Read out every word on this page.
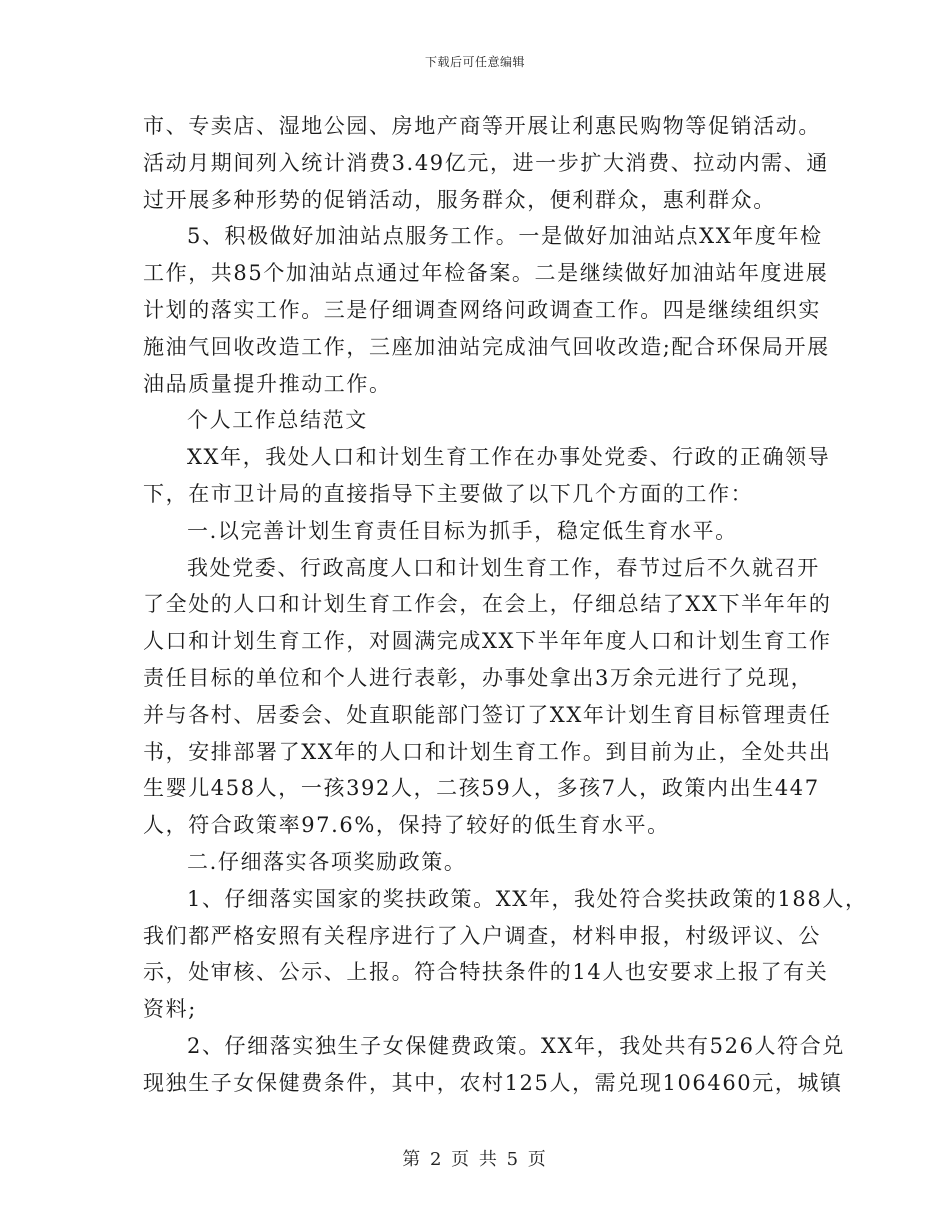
下载后可任意编辑
市、专卖店、湿地公园、房地产商等开展让利惠民购物等促销活动。
活动月期间列入统计消费3.49亿元，进一步扩大消费、拉动内需、通
过开展多种形势的促销活动，服务群众，便利群众，惠利群众。
5、积极做好加油站点服务工作。一是做好加油站点XX年度年检
工作，共85个加油站点通过年检备案。二是继续做好加油站年度进展
计划的落实工作。三是仔细调查网络问政调查工作。四是继续组织实
施油气回收改造工作，三座加油站完成油气回收改造;配合环保局开展
油品质量提升推动工作。
个人工作总结范文
XX年，我处人口和计划生育工作在办事处党委、行政的正确领导
下，在市卫计局的直接指导下主要做了以下几个方面的工作：
一.以完善计划生育责任目标为抓手，稳定低生育水平。
我处党委、行政高度人口和计划生育工作，春节过后不久就召开
了全处的人口和计划生育工作会，在会上，仔细总结了XX下半年年的
人口和计划生育工作，对圆满完成XX下半年年度人口和计划生育工作
责任目标的单位和个人进行表彰，办事处拿出3万余元进行了兑现，
并与各村、居委会、处直职能部门签订了XX年计划生育目标管理责任
书，安排部署了XX年的人口和计划生育工作。到目前为止，全处共出
生婴儿458人，一孩392人，二孩59人，多孩7人，政策内出生447
人，符合政策率97.6%，保持了较好的低生育水平。
二.仔细落实各项奖励政策。
1、仔细落实国家的奖扶政策。XX年，我处符合奖扶政策的188人，
我们都严格安照有关程序进行了入户调查，材料申报，村级评议、公
示，处审核、公示、上报。符合特扶条件的14人也安要求上报了有关
资料;
2、仔细落实独生子女保健费政策。XX年，我处共有526人符合兑
现独生子女保健费条件，其中，农村125人，需兑现106460元，城镇
第 2 页 共 5 页
